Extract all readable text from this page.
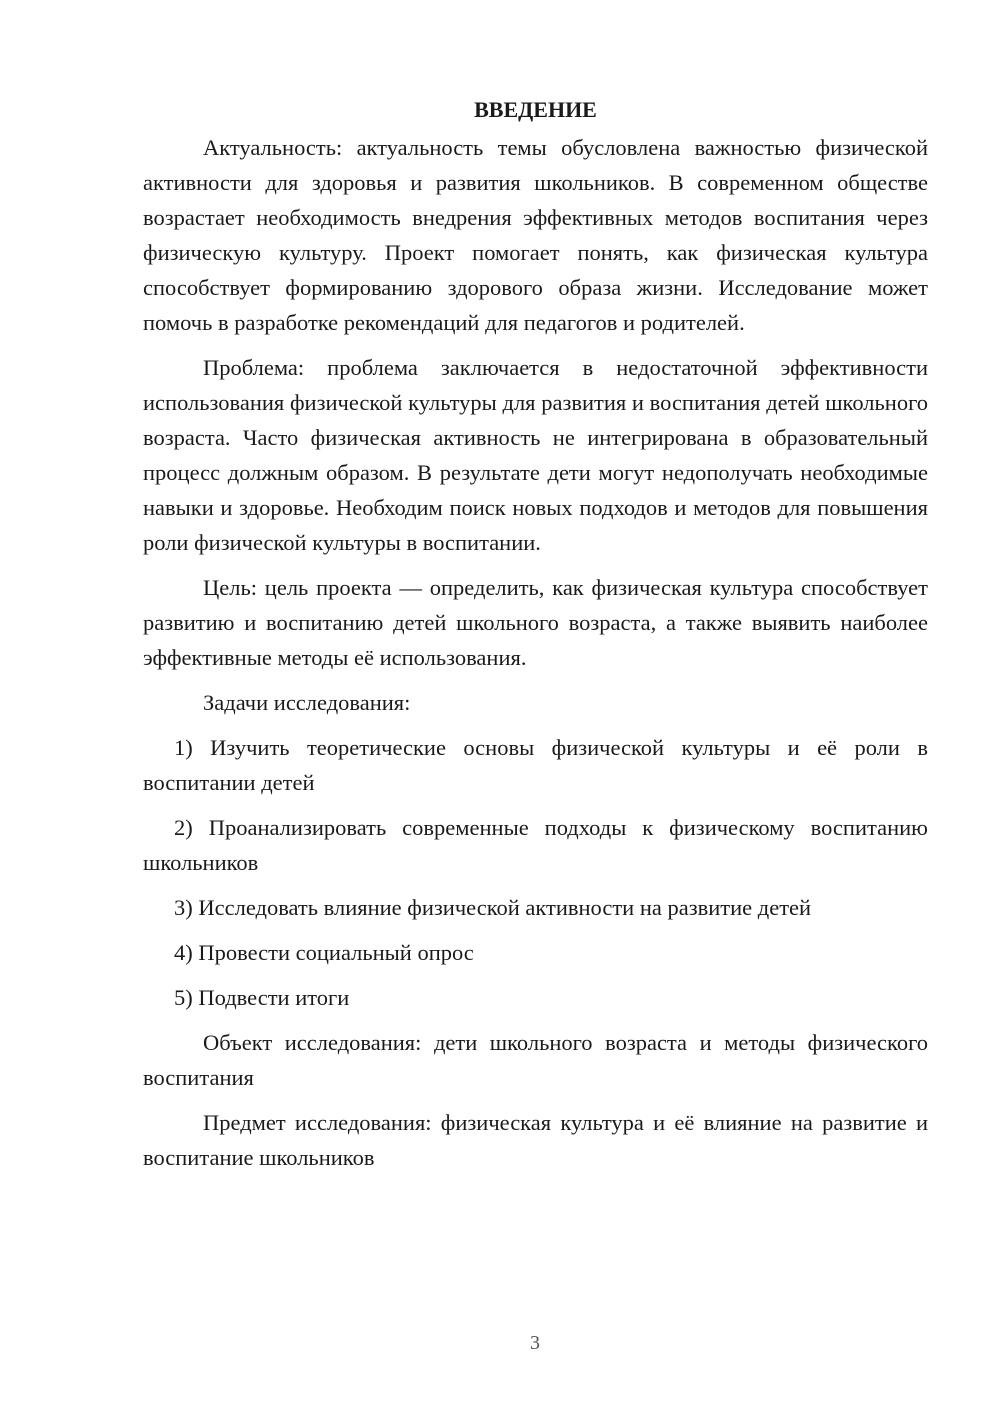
ВВЕДЕНИЕ

Актуальность: актуальность темы обусловлена важностью физической активности для здоровья и развития школьников. В современном обществе возрастает необходимость внедрения эффективных методов воспитания через физическую культуру. Проект помогает понять, как физическая культура способствует формированию здорового образа жизни. Исследование может помочь в разработке рекомендаций для педагогов и родителей.

Проблема: проблема заключается в недостаточной эффективности использования физической культуры для развития и воспитания детей школьного возраста. Часто физическая активность не интегрирована в образовательный процесс должным образом. В результате дети могут недополучать необходимые навыки и здоровье. Необходим поиск новых подходов и методов для повышения роли физической культуры в воспитании.

Цель: цель проекта — определить, как физическая культура способствует развитию и воспитанию детей школьного возраста, а также выявить наиболее эффективные методы её использования.

Задачи исследования:

1) Изучить теоретические основы физической культуры и её роли в воспитании детей

2) Проанализировать современные подходы к физическому воспитанию школьников

3) Исследовать влияние физической активности на развитие детей

4) Провести социальный опрос

5) Подвести итоги

Объект исследования: дети школьного возраста и методы физического воспитания

Предмет исследования: физическая культура и её влияние на развитие и воспитание школьников

3
